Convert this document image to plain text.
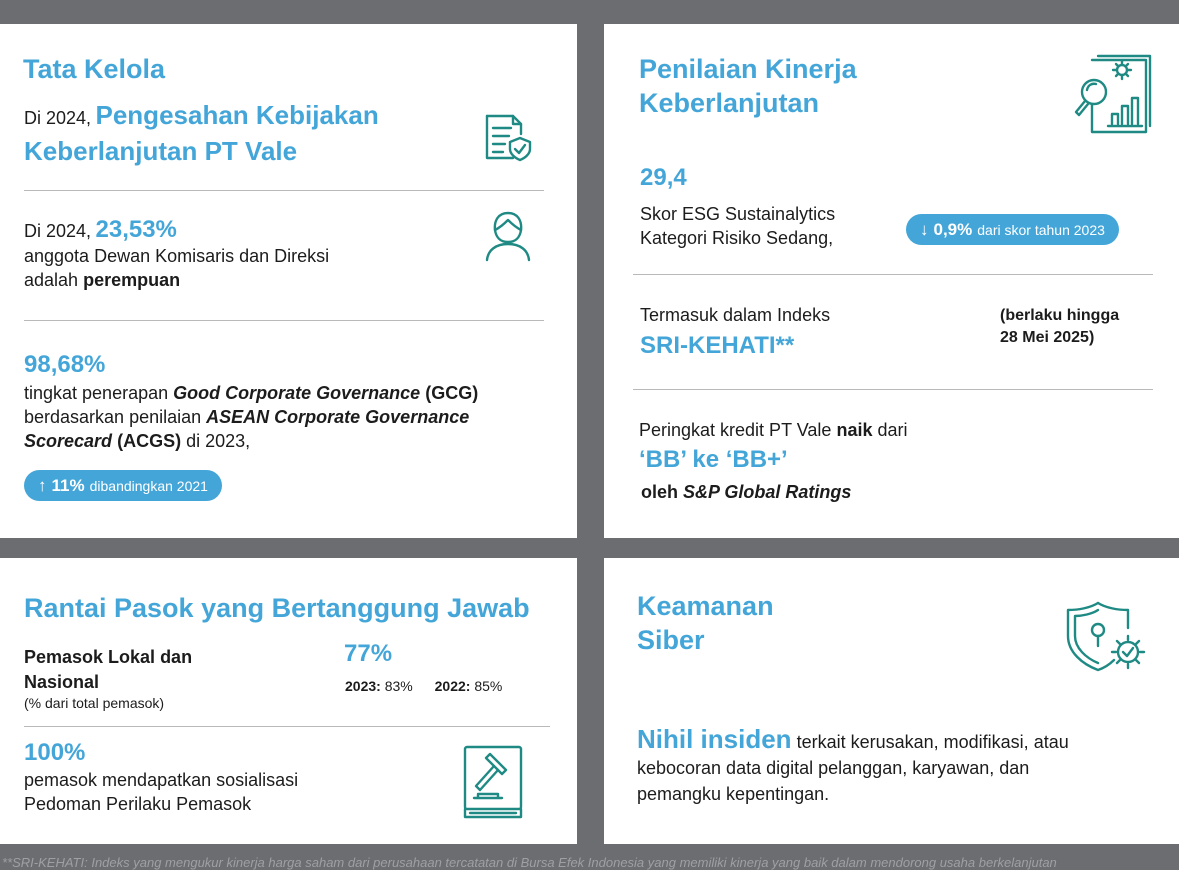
Tata Kelola
Di 2024, Pengesahan Kebijakan
Keberlanjutan PT Vale
Di 2024, 23,53%
anggota Dewan Komisaris dan Direksi
adalah perempuan
98,68%
tingkat penerapan Good Corporate Governance (GCG)
berdasarkan penilaian ASEAN Corporate Governance
Scorecard (ACGS) di 2023,
↑ 11% dibandingkan 2021
Penilaian Kinerja
Keberlanjutan
29,4
Skor ESG Sustainalytics
Kategori Risiko Sedang,	↓ 0,9% dari skor tahun 2023
Termasuk dalam Indeks
SRI-KEHATI**
(berlaku hingga
28 Mei 2025)
Peringkat kredit PT Vale naik dari
‘BB’ ke ‘BB+’
oleh S&P Global Ratings
Rantai Pasok yang Bertanggung Jawab
Pemasok Lokal dan
Nasional
(% dari total pemasok)
77%
2023: 83% 2022: 85%
100%
pemasok mendapatkan sosialisasi
Pedoman Perilaku Pemasok
Keamanan
Siber
Nihil insiden terkait kerusakan, modifikasi, atau
kebocoran data digital pelanggan, karyawan, dan
pemangku kepentingan.
**SRI-KEHATI: Indeks yang mengukur kinerja harga saham dari perusahaan tercatatan di Bursa Efek Indonesia yang memiliki kinerja yang baik dalam mendorong usaha berkelanjutan
